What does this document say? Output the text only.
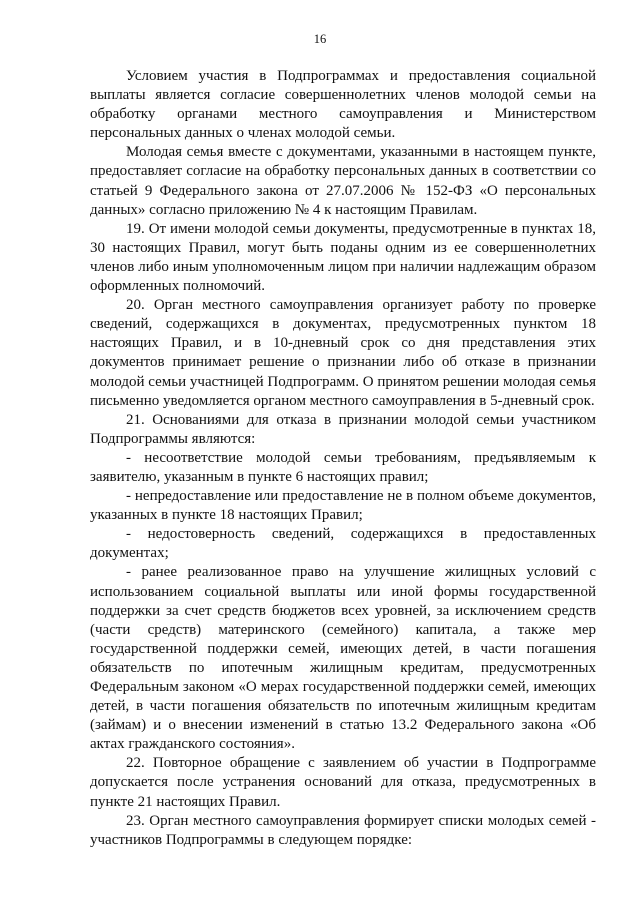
16

Условием участия в Подпрограммах и предоставления социальной выплаты является согласие совершеннолетних членов молодой семьи на обработку органами местного самоуправления и Министерством персональных данных о членах молодой семьи.

Молодая семья вместе с документами, указанными в настоящем пункте, предоставляет согласие на обработку персональных данных в соответствии со статьей 9 Федерального закона от 27.07.2006 № 152-ФЗ «О персональных данных» согласно приложению № 4 к настоящим Правилам.

19. От имени молодой семьи документы, предусмотренные в пунктах 18, 30 настоящих Правил, могут быть поданы одним из ее совершеннолетних членов либо иным уполномоченным лицом при наличии надлежащим образом оформленных полномочий.

20. Орган местного самоуправления организует работу по проверке сведений, содержащихся в документах, предусмотренных пунктом 18 настоящих Правил, и в 10-дневный срок со дня представления этих документов принимает решение о признании либо об отказе в признании молодой семьи участницей Подпрограмм. О принятом решении молодая семья письменно уведомляется органом местного самоуправления в 5-дневный срок.

21. Основаниями для отказа в признании молодой семьи участником Подпрограммы являются:

- несоответствие молодой семьи требованиям, предъявляемым к заявителю, указанным в пункте 6 настоящих правил;

- непредоставление или предоставление не в полном объеме документов, указанных в пункте 18 настоящих Правил;

- недостоверность сведений, содержащихся в предоставленных документах;

- ранее реализованное право на улучшение жилищных условий с использованием социальной выплаты или иной формы государственной поддержки за счет средств бюджетов всех уровней, за исключением средств (части средств) материнского (семейного) капитала, а также мер государственной поддержки семей, имеющих детей, в части погашения обязательств по ипотечным жилищным кредитам, предусмотренных Федеральным законом «О мерах государственной поддержки семей, имеющих детей, в части погашения обязательств по ипотечным жилищным кредитам (займам) и о внесении изменений в статью 13.2 Федерального закона «Об актах гражданского состояния».

22. Повторное обращение с заявлением об участии в Подпрограмме допускается после устранения оснований для отказа, предусмотренных в пункте 21 настоящих Правил.

23. Орган местного самоуправления формирует списки молодых семей - участников Подпрограммы в следующем порядке:
